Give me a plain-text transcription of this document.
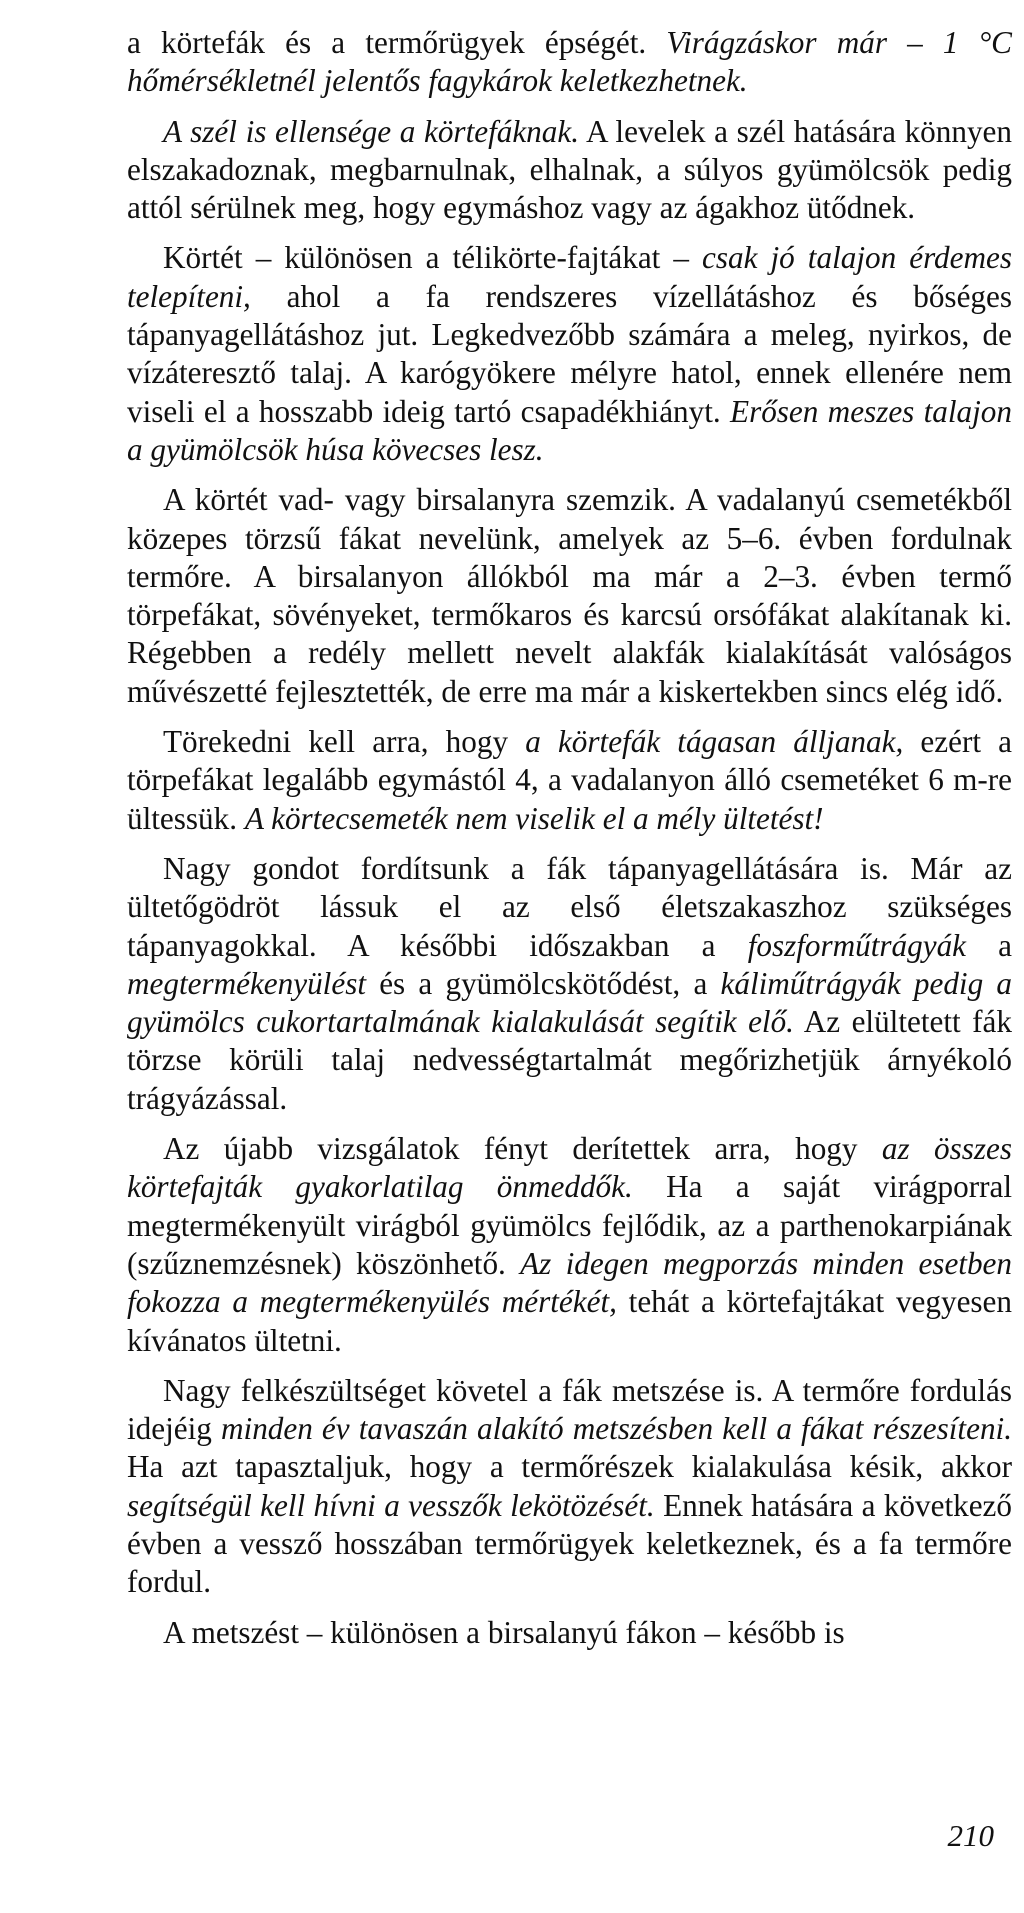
a körtefák és a termőrügyek épségét. Virágzáskor már – 1 °C hőmérsékletnél jelentős fagykárok keletkezhetnek.

A szél is ellensége a körtefáknak. A levelek a szél hatására könnyen elszakadoznak, megbarnulnak, elhalnak, a súlyos gyümölcsök pedig attól sérülnek meg, hogy egymáshoz vagy az ágakhoz ütődnek.

Körtét – különösen a télikörte-fajtákat – csak jó talajon érdemes telepíteni, ahol a fa rendszeres vízellátáshoz és bőséges tápanyagellátáshoz jut. Legkedvezőbb számára a meleg, nyirkos, de vízáteresztő talaj. A karógyökere mélyre hatol, ennek ellenére nem viseli el a hosszabb ideig tartó csapadékhiányt. Erősen meszes talajon a gyümölcsök húsa kövecses lesz.

A körtét vad- vagy birsalanyra szemzik. A vadalanyú csemetékből közepes törzsű fákat nevelünk, amelyek az 5–6. évben fordulnak termőre. A birsalanyon állókból ma már a 2–3. évben termő törpefákat, sövényeket, termőkaros és karcsú orsófákat alakítanak ki. Régebben a redély mellett nevelt alakfák kialakítását valóságos művészetté fejlesztették, de erre ma már a kiskertekben sincs elég idő.

Törekedni kell arra, hogy a körtefák tágasan álljanak, ezért a törpefákat legalább egymástól 4, a vadalanyon álló csemetéket 6 m-re ültessük. A körtecsemeték nem viselik el a mély ültetést!

Nagy gondot fordítsunk a fák tápanyagellátására is. Már az ültetőgödröt lássuk el az első életszakaszhoz szükséges tápanyagokkal. A későbbi időszakban a foszforműtrágyák a megtermékenyülést és a gyümölcskötődést, a káliműtrágyák pedig a gyümölcs cukortartalmának kialakulását segítik elő. Az elültetett fák törzse körüli talaj nedvességtartalmát megőrizhetjük árnyékoló trágyázással.

Az újabb vizsgálatok fényt derítettek arra, hogy az összes körtefajták gyakorlatilag önmeddők. Ha a saját virágporral megtermékenyült virágból gyümölcs fejlődik, az a parthenokarpiának (szűznemzésnek) köszönhető. Az idegen megporzás minden esetben fokozza a megtermékenyülés mértékét, tehát a körtefajtákat vegyesen kívánatos ültetni.

Nagy felkészültséget követel a fák metszése is. A termőre fordulás idejéig minden év tavaszán alakító metszésben kell a fákat részesíteni. Ha azt tapasztaljuk, hogy a termőrészek kialakulása késik, akkor segítségül kell hívni a vesszők lekötözését. Ennek hatására a következő évben a vessző hosszában termőrügyek keletkeznek, és a fa termőre fordul.

A metszést – különösen a birsalanyú fákon – később is

210
